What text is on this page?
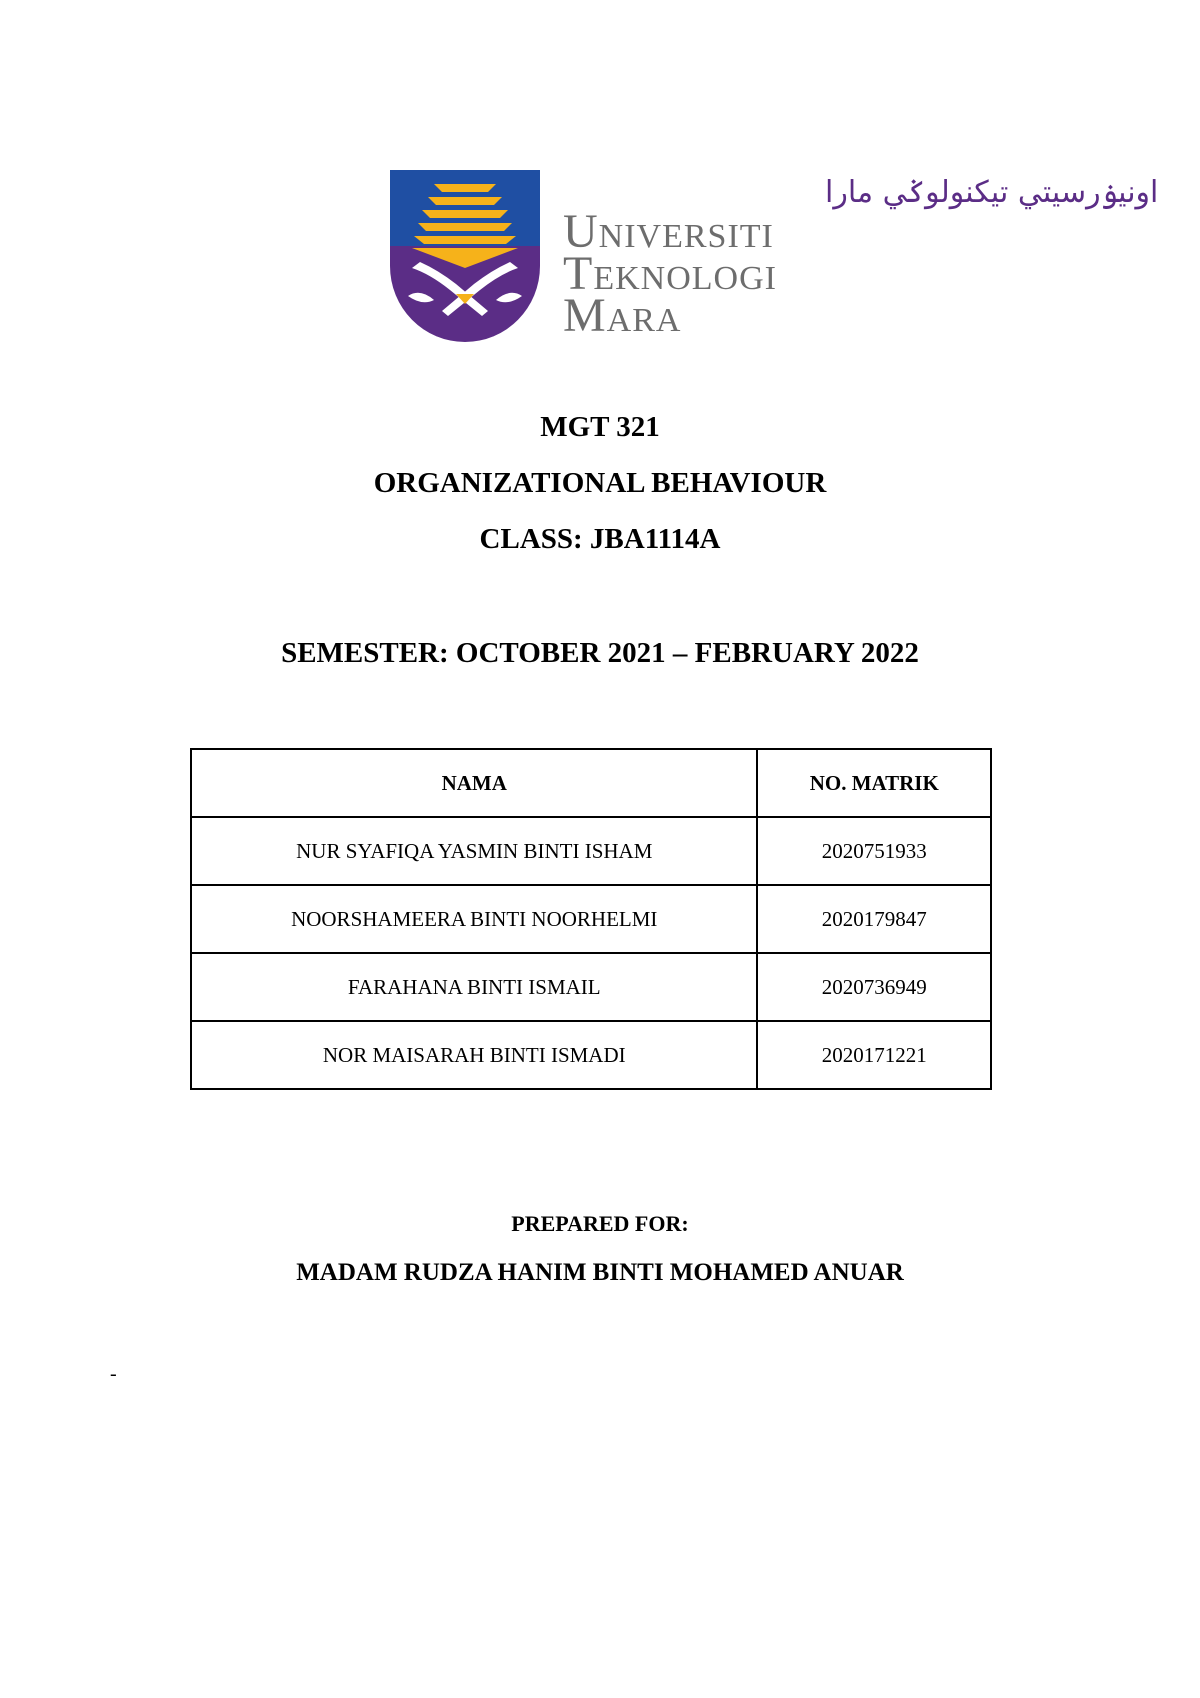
اونيۏرسيتي تيكنولوݢي مارا
Universiti
Teknologi
Mara
MGT 321
ORGANIZATIONAL BEHAVIOUR
CLASS: JBA1114A
SEMESTER: OCTOBER 2021 – FEBRUARY 2022
NAMA	NO. MATRIK
NUR SYAFIQA YASMIN BINTI ISHAM	2020751933
NOORSHAMEERA BINTI NOORHELMI	2020179847
FARAHANA BINTI ISMAIL	2020736949
NOR MAISARAH BINTI ISMADI	2020171221
PREPARED FOR:
MADAM RUDZA HANIM BINTI MOHAMED ANUAR
-
